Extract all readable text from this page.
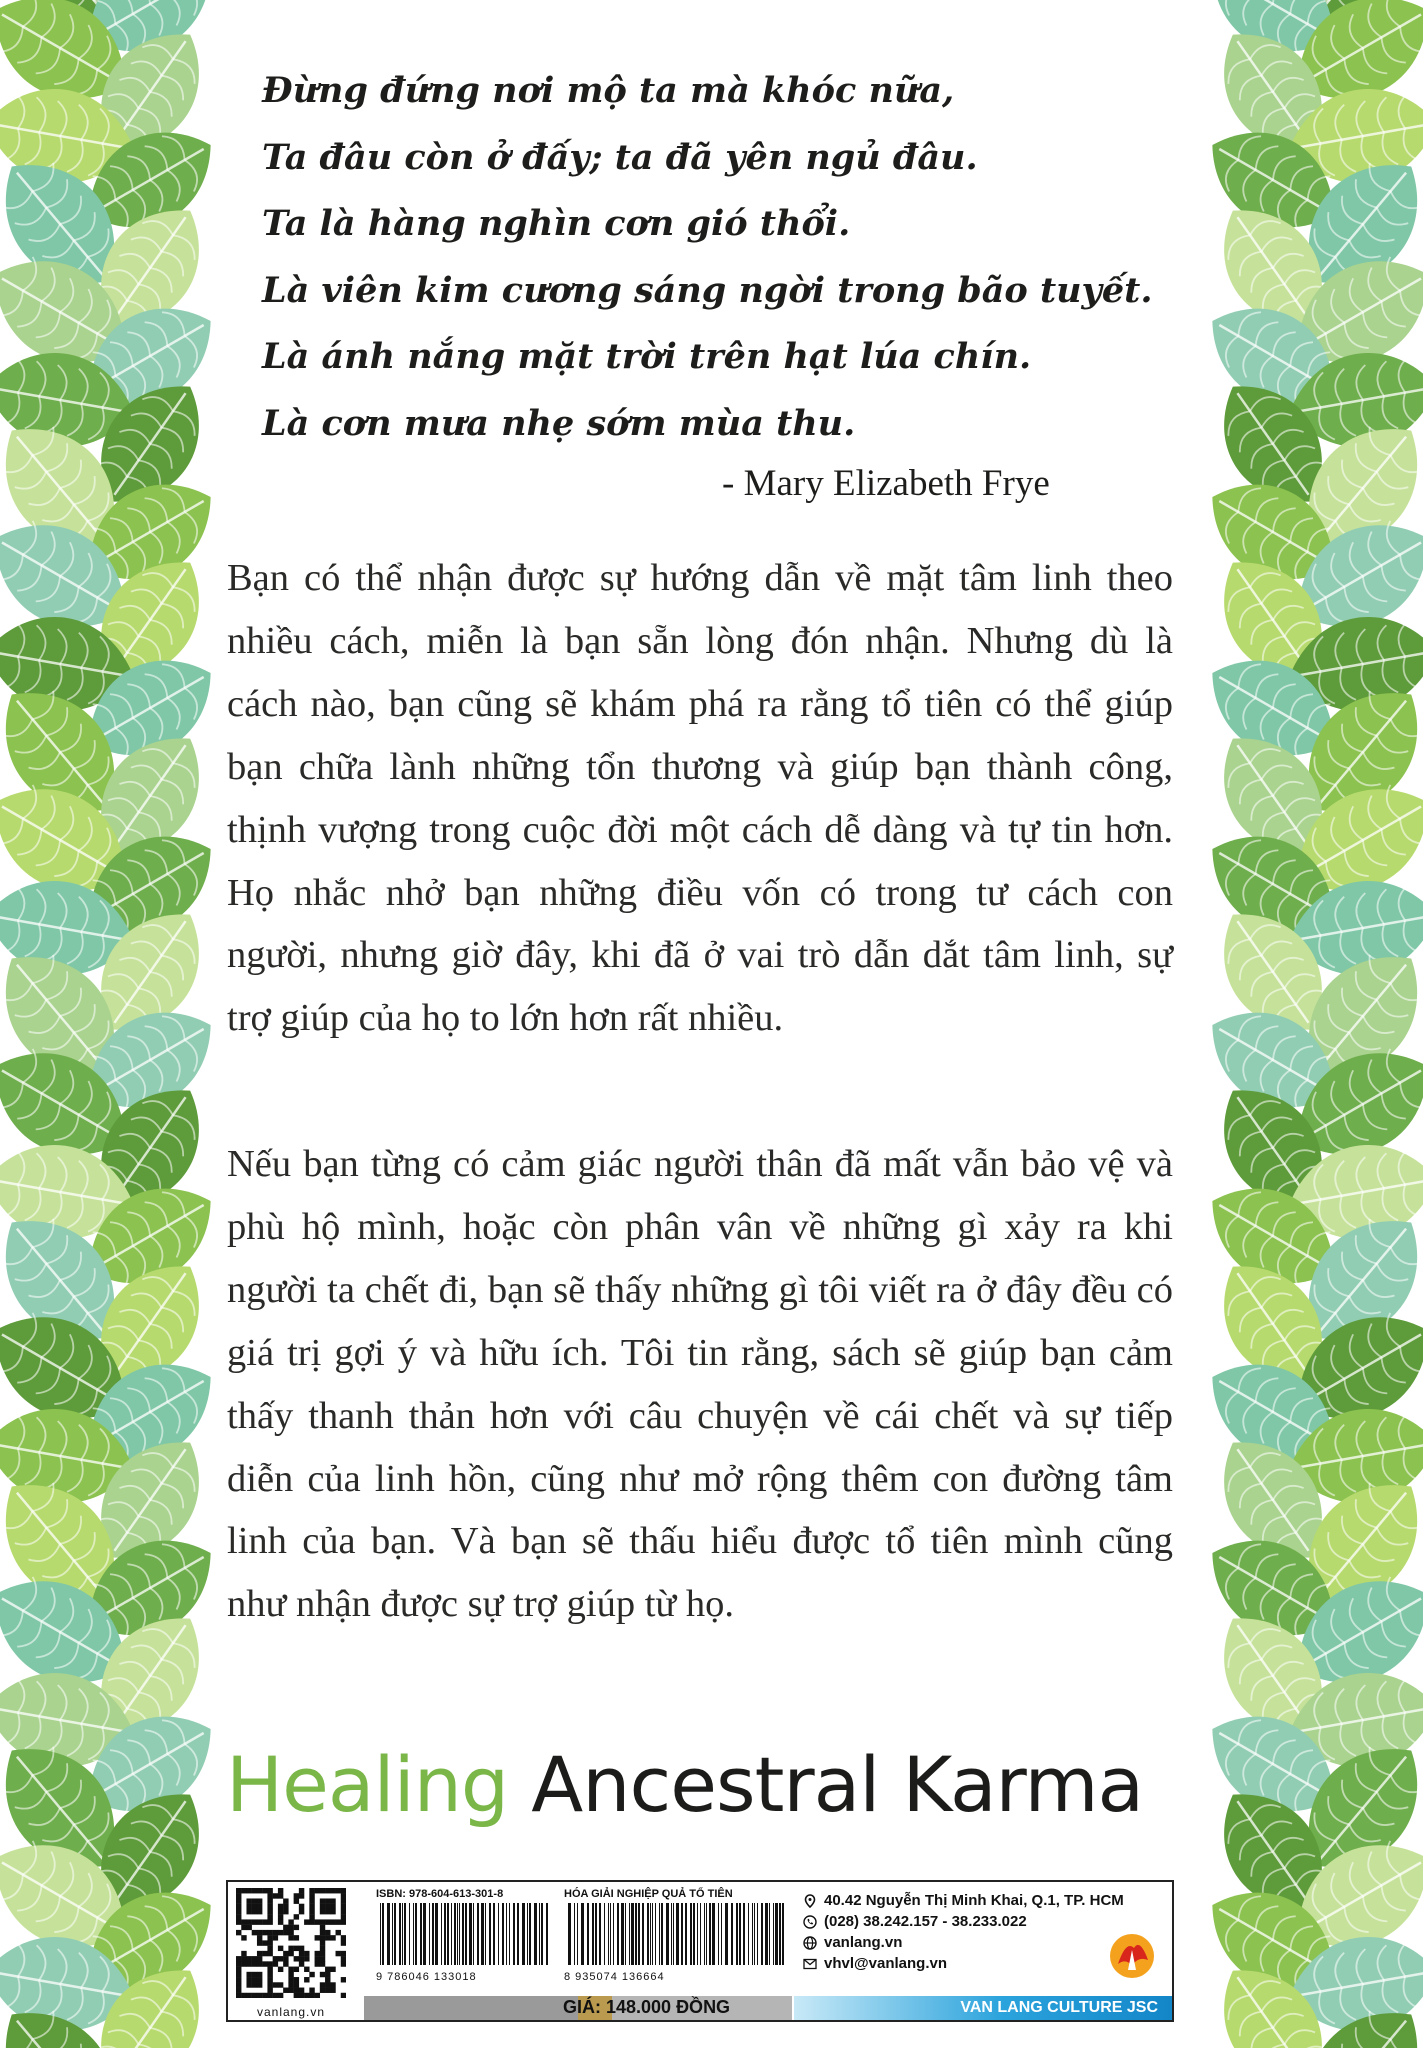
Đừng đứng nơi mộ ta mà khóc nữa,
Ta đâu còn ở đấy; ta đã yên ngủ đâu.
Ta là hàng nghìn cơn gió thổi.
Là viên kim cương sáng ngời trong bão tuyết.
Là ánh nắng mặt trời trên hạt lúa chín.
Là cơn mưa nhẹ sớm mùa thu.
- Mary Elizabeth Frye

Bạn có thể nhận được sự hướng dẫn về mặt tâm linh theo nhiều cách, miễn là bạn sẵn lòng đón nhận. Nhưng dù là cách nào, bạn cũng sẽ khám phá ra rằng tổ tiên có thể giúp bạn chữa lành những tổn thương và giúp bạn thành công, thịnh vượng trong cuộc đời một cách dễ dàng và tự tin hơn. Họ nhắc nhở bạn những điều vốn có trong tư cách con người, nhưng giờ đây, khi đã ở vai trò dẫn dắt tâm linh, sự trợ giúp của họ to lớn hơn rất nhiều.

Nếu bạn từng có cảm giác người thân đã mất vẫn bảo vệ và phù hộ mình, hoặc còn phân vân về những gì xảy ra khi người ta chết đi, bạn sẽ thấy những gì tôi viết ra ở đây đều có giá trị gợi ý và hữu ích. Tôi tin rằng, sách sẽ giúp bạn cảm thấy thanh thản hơn với câu chuyện về cái chết và sự tiếp diễn của linh hồn, cũng như mở rộng thêm con đường tâm linh của bạn. Và bạn sẽ thấu hiểu được tổ tiên mình cũng như nhận được sự trợ giúp từ họ.

Healing Ancestral Karma
vanlang.vn
ISBN: 978-604-613-301-8
9 786046 133018
HÓA GIẢI NGHIỆP QUẢ TỔ TIÊN
8 935074 136664
GIÁ: 148.000 ĐỒNG
40.42 Nguyễn Thị Minh Khai, Q.1, TP. HCM
(028) 38.242.157 - 38.233.022
vanlang.vn
vhvl@vanlang.vn
VAN LANG CULTURE JSC
